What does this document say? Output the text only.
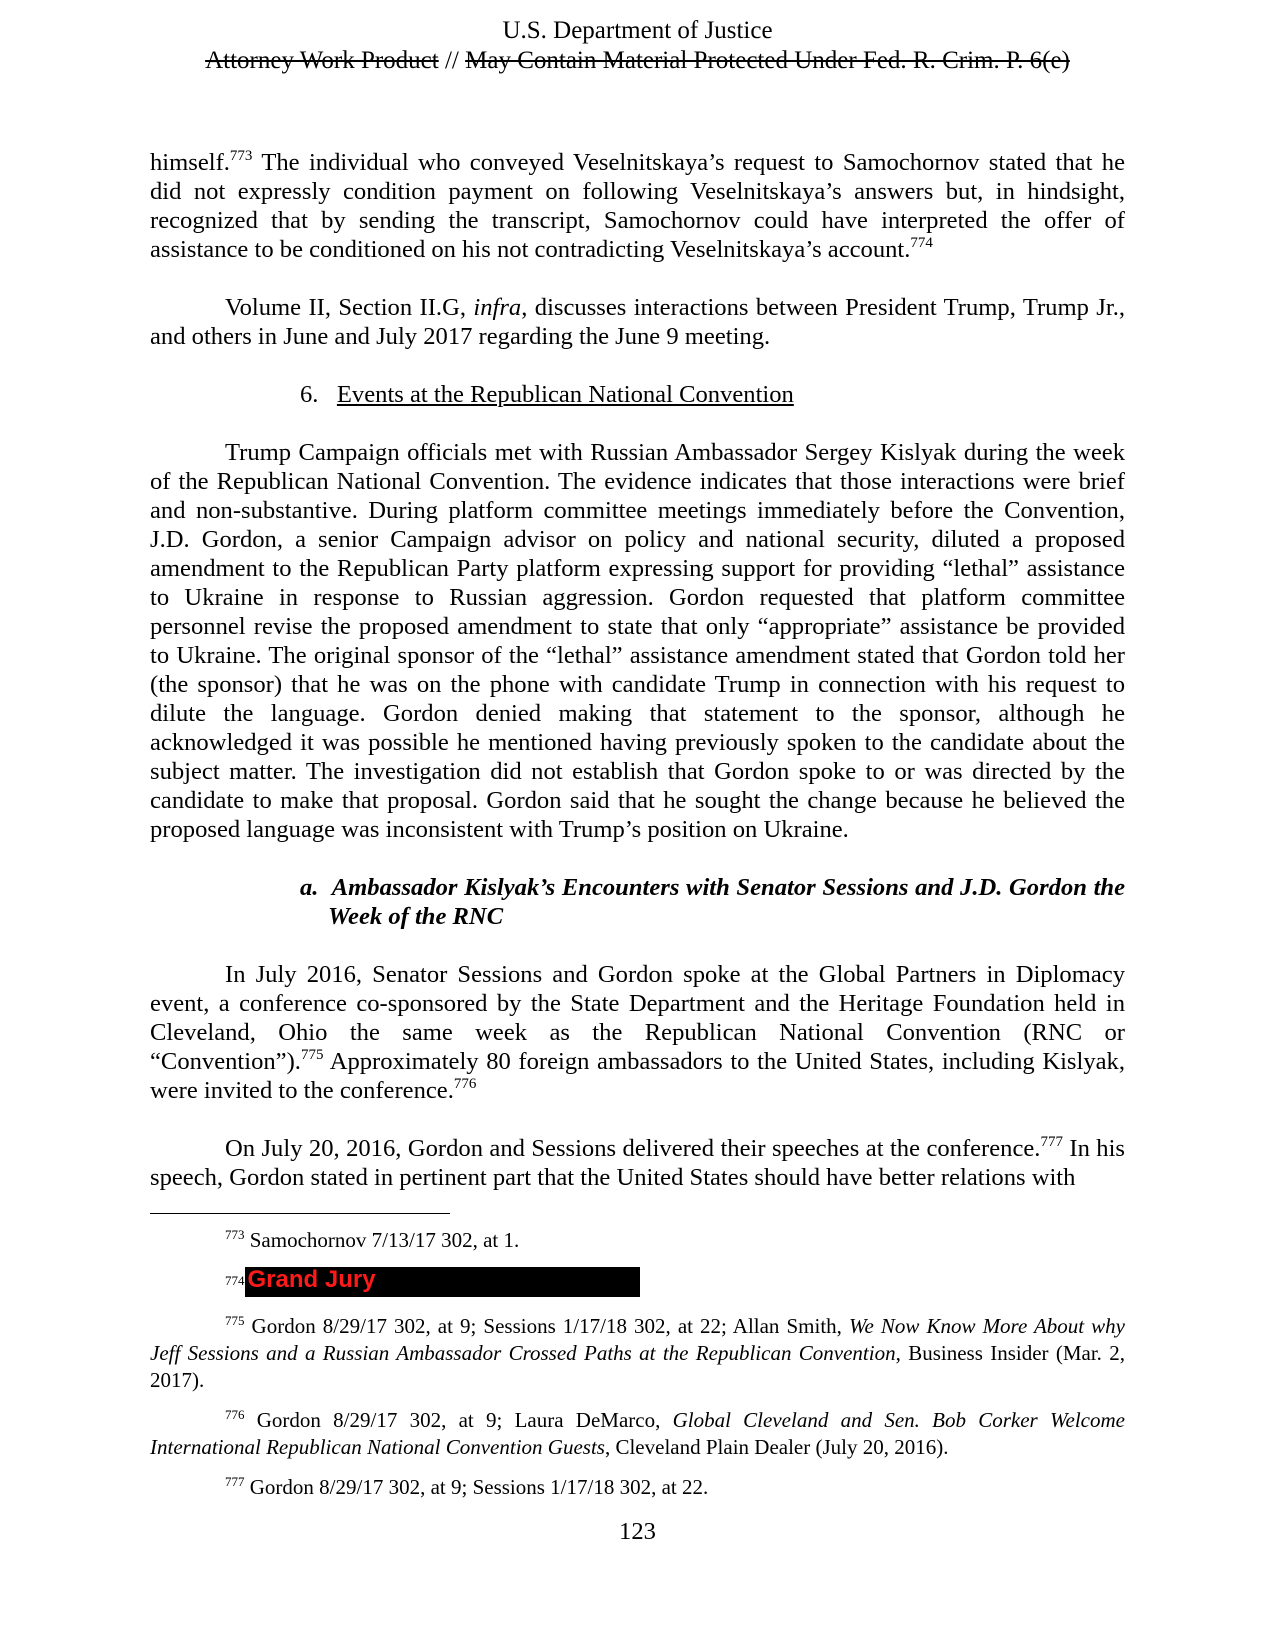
U.S. Department of Justice
Attorney Work Product // May Contain Material Protected Under Fed. R. Crim. P. 6(e)

himself.$^{773}$ The individual who conveyed Veselnitskaya’s request to Samochornov stated that he did not expressly condition payment on following Veselnitskaya’s answers but, in hindsight, recognized that by sending the transcript, Samochornov could have interpreted the offer of assistance to be conditioned on his not contradicting Veselnitskaya’s account.$^{774}$

Volume II, Section II.G, infra, discusses interactions between President Trump, Trump Jr., and others in June and July 2017 regarding the June 9 meeting.

6. Events at the Republican National Convention

Trump Campaign officials met with Russian Ambassador Sergey Kislyak during the week of the Republican National Convention. The evidence indicates that those interactions were brief and non-substantive. During platform committee meetings immediately before the Convention, J.D. Gordon, a senior Campaign advisor on policy and national security, diluted a proposed amendment to the Republican Party platform expressing support for providing “lethal” assistance to Ukraine in response to Russian aggression. Gordon requested that platform committee personnel revise the proposed amendment to state that only “appropriate” assistance be provided to Ukraine. The original sponsor of the “lethal” assistance amendment stated that Gordon told her (the sponsor) that he was on the phone with candidate Trump in connection with his request to dilute the language. Gordon denied making that statement to the sponsor, although he acknowledged it was possible he mentioned having previously spoken to the candidate about the subject matter. The investigation did not establish that Gordon spoke to or was directed by the candidate to make that proposal. Gordon said that he sought the change because he believed the proposed language was inconsistent with Trump’s position on Ukraine.

a. Ambassador Kislyak’s Encounters with Senator Sessions and J.D. Gordon the Week of the RNC

In July 2016, Senator Sessions and Gordon spoke at the Global Partners in Diplomacy event, a conference co-sponsored by the State Department and the Heritage Foundation held in Cleveland, Ohio the same week as the Republican National Convention (RNC or “Convention”).$^{775}$ Approximately 80 foreign ambassadors to the United States, including Kislyak, were invited to the conference.$^{776}$

On July 20, 2016, Gordon and Sessions delivered their speeches at the conference.$^{777}$ In his speech, Gordon stated in pertinent part that the United States should have better relations with

$^{773}$ Samochornov 7/13/17 302, at 1.

$^{774}$ Grand Jury

$^{775}$ Gordon 8/29/17 302, at 9; Sessions 1/17/18 302, at 22; Allan Smith, We Now Know More About why Jeff Sessions and a Russian Ambassador Crossed Paths at the Republican Convention, Business Insider (Mar. 2, 2017).

$^{776}$ Gordon 8/29/17 302, at 9; Laura DeMarco, Global Cleveland and Sen. Bob Corker Welcome International Republican National Convention Guests, Cleveland Plain Dealer (July 20, 2016).

$^{777}$ Gordon 8/29/17 302, at 9; Sessions 1/17/18 302, at 22.

123
